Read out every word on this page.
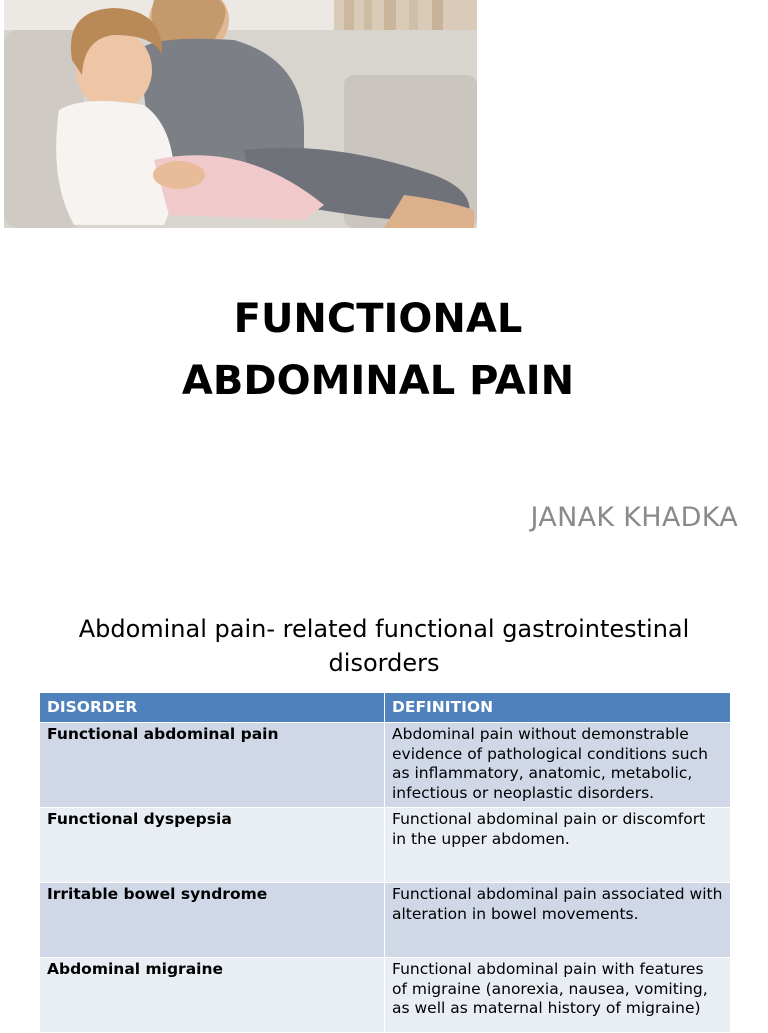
FUNCTIONAL
ABDOMINAL PAIN
JANAK KHADKA
Abdominal pain- related functional gastrointestinal
disorders
DISORDER	DEFINITION
Functional abdominal pain	Abdominal pain without demonstrable evidence of pathological conditions such as inflammatory, anatomic, metabolic, infectious or neoplastic disorders.
Functional dyspepsia	Functional abdominal pain or discomfort in the upper abdomen.
Irritable bowel syndrome	Functional abdominal pain associated with alteration in bowel movements.
Abdominal migraine	Functional abdominal pain with features of migraine (anorexia, nausea, vomiting, as well as maternal history of migraine)
